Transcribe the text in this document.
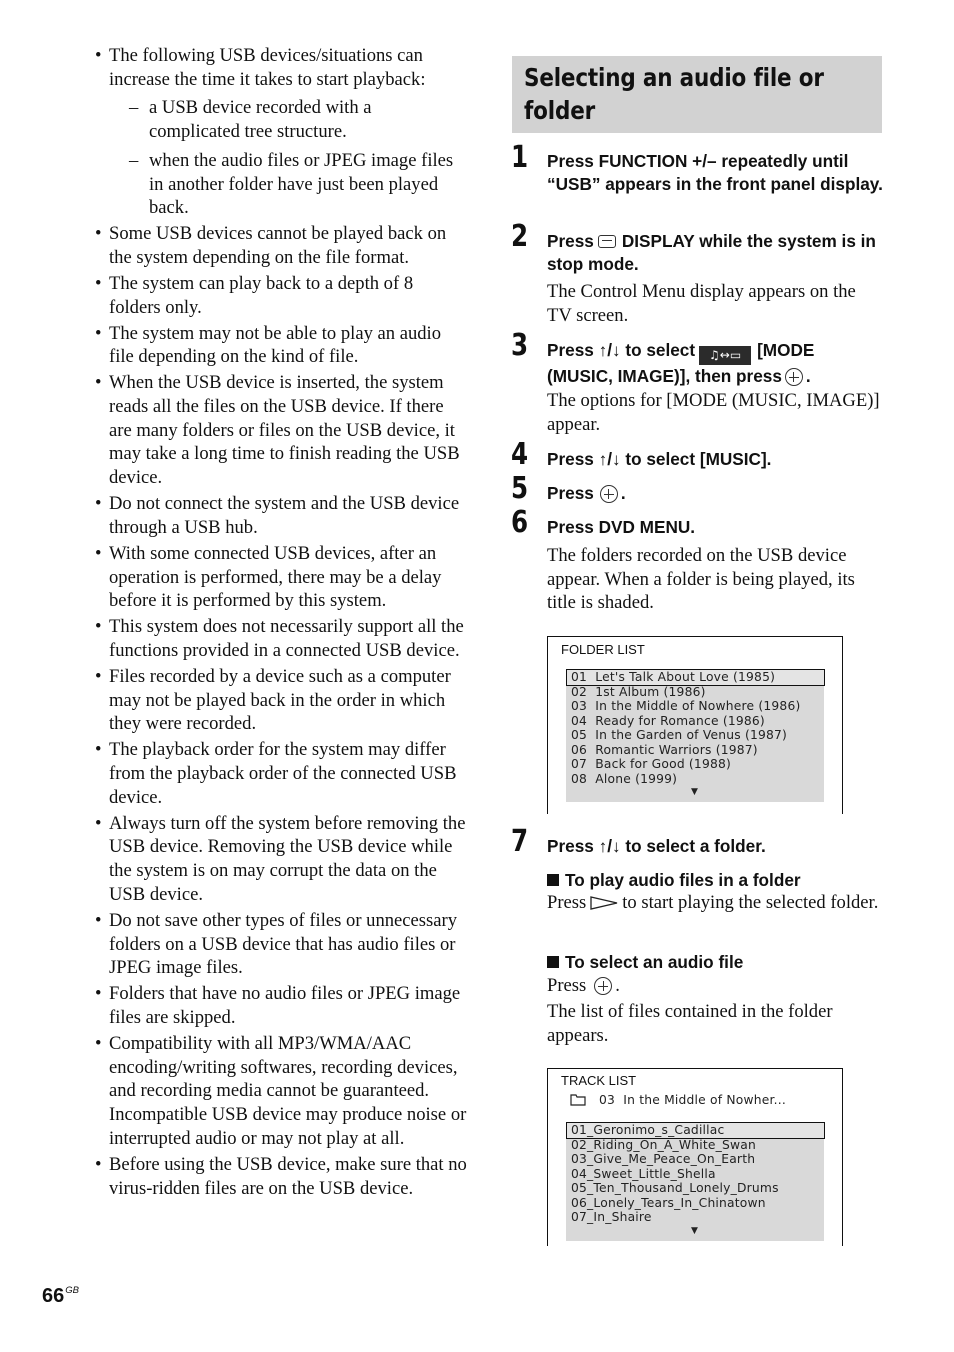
• The following USB devices/situations can increase the time it takes to start playback:
– a USB device recorded with a complicated tree structure.
– when the audio files or JPEG image files in another folder have just been played back.
• Some USB devices cannot be played back on the system depending on the file format.
• The system can play back to a depth of 8 folders only.
• The system may not be able to play an audio file depending on the kind of file.
• When the USB device is inserted, the system reads all the files on the USB device. If there are many folders or files on the USB device, it may take a long time to finish reading the USB device.
• Do not connect the system and the USB device through a USB hub.
• With some connected USB devices, after an operation is performed, there may be a delay before it is performed by this system.
• This system does not necessarily support all the functions provided in a connected USB device.
• Files recorded by a device such as a computer may not be played back in the order in which they were recorded.
• The playback order for the system may differ from the playback order of the connected USB device.
• Always turn off the system before removing the USB device. Removing the USB device while the system is on may corrupt the data on the USB device.
• Do not save other types of files or unnecessary folders on a USB device that has audio files or JPEG image files.
• Folders that have no audio files or JPEG image files are skipped.
• Compatibility with all MP3/WMA/AAC encoding/writing softwares, recording devices, and recording media cannot be guaranteed. Incompatible USB device may produce noise or interrupted audio or may not play at all.
• Before using the USB device, make sure that no virus-ridden files are on the USB device.
Selecting an audio file or folder
1 Press FUNCTION +/– repeatedly until “USB” appears in the front panel display.
2 Press DISPLAY while the system is in stop mode.
The Control Menu display appears on the TV screen.
3 Press ↑/↓ to select ♫↔▭ [MODE (MUSIC, IMAGE)], then press .
The options for [MODE (MUSIC, IMAGE)] appear.
4 Press ↑/↓ to select [MUSIC].
5 Press .
6 Press DVD MENU.
The folders recorded on the USB device appear. When a folder is being played, its title is shaded.
FOLDER LIST
01  Let's Talk About Love (1985)
02  1st Album (1986)
03  In the Middle of Nowhere (1986)
04  Ready for Romance (1986)
05  In the Garden of Venus (1987)
06  Romantic Warriors (1987)
07  Back for Good (1988)
08  Alone (1999)
▼
7 Press ↑/↓ to select a folder.
To play audio files in a folder
Press to start playing the selected folder.
To select an audio file
Press .
The list of files contained in the folder appears.
TRACK LIST
03  In the Middle of Nowher...
01_Geronimo_s_Cadillac
02_Riding_On_A_White_Swan
03_Give_Me_Peace_On_Earth
04_Sweet_Little_Shella
05_Ten_Thousand_Lonely_Drums
06_Lonely_Tears_In_Chinatown
07_In_Shaire
▼
$66^{GB}$
